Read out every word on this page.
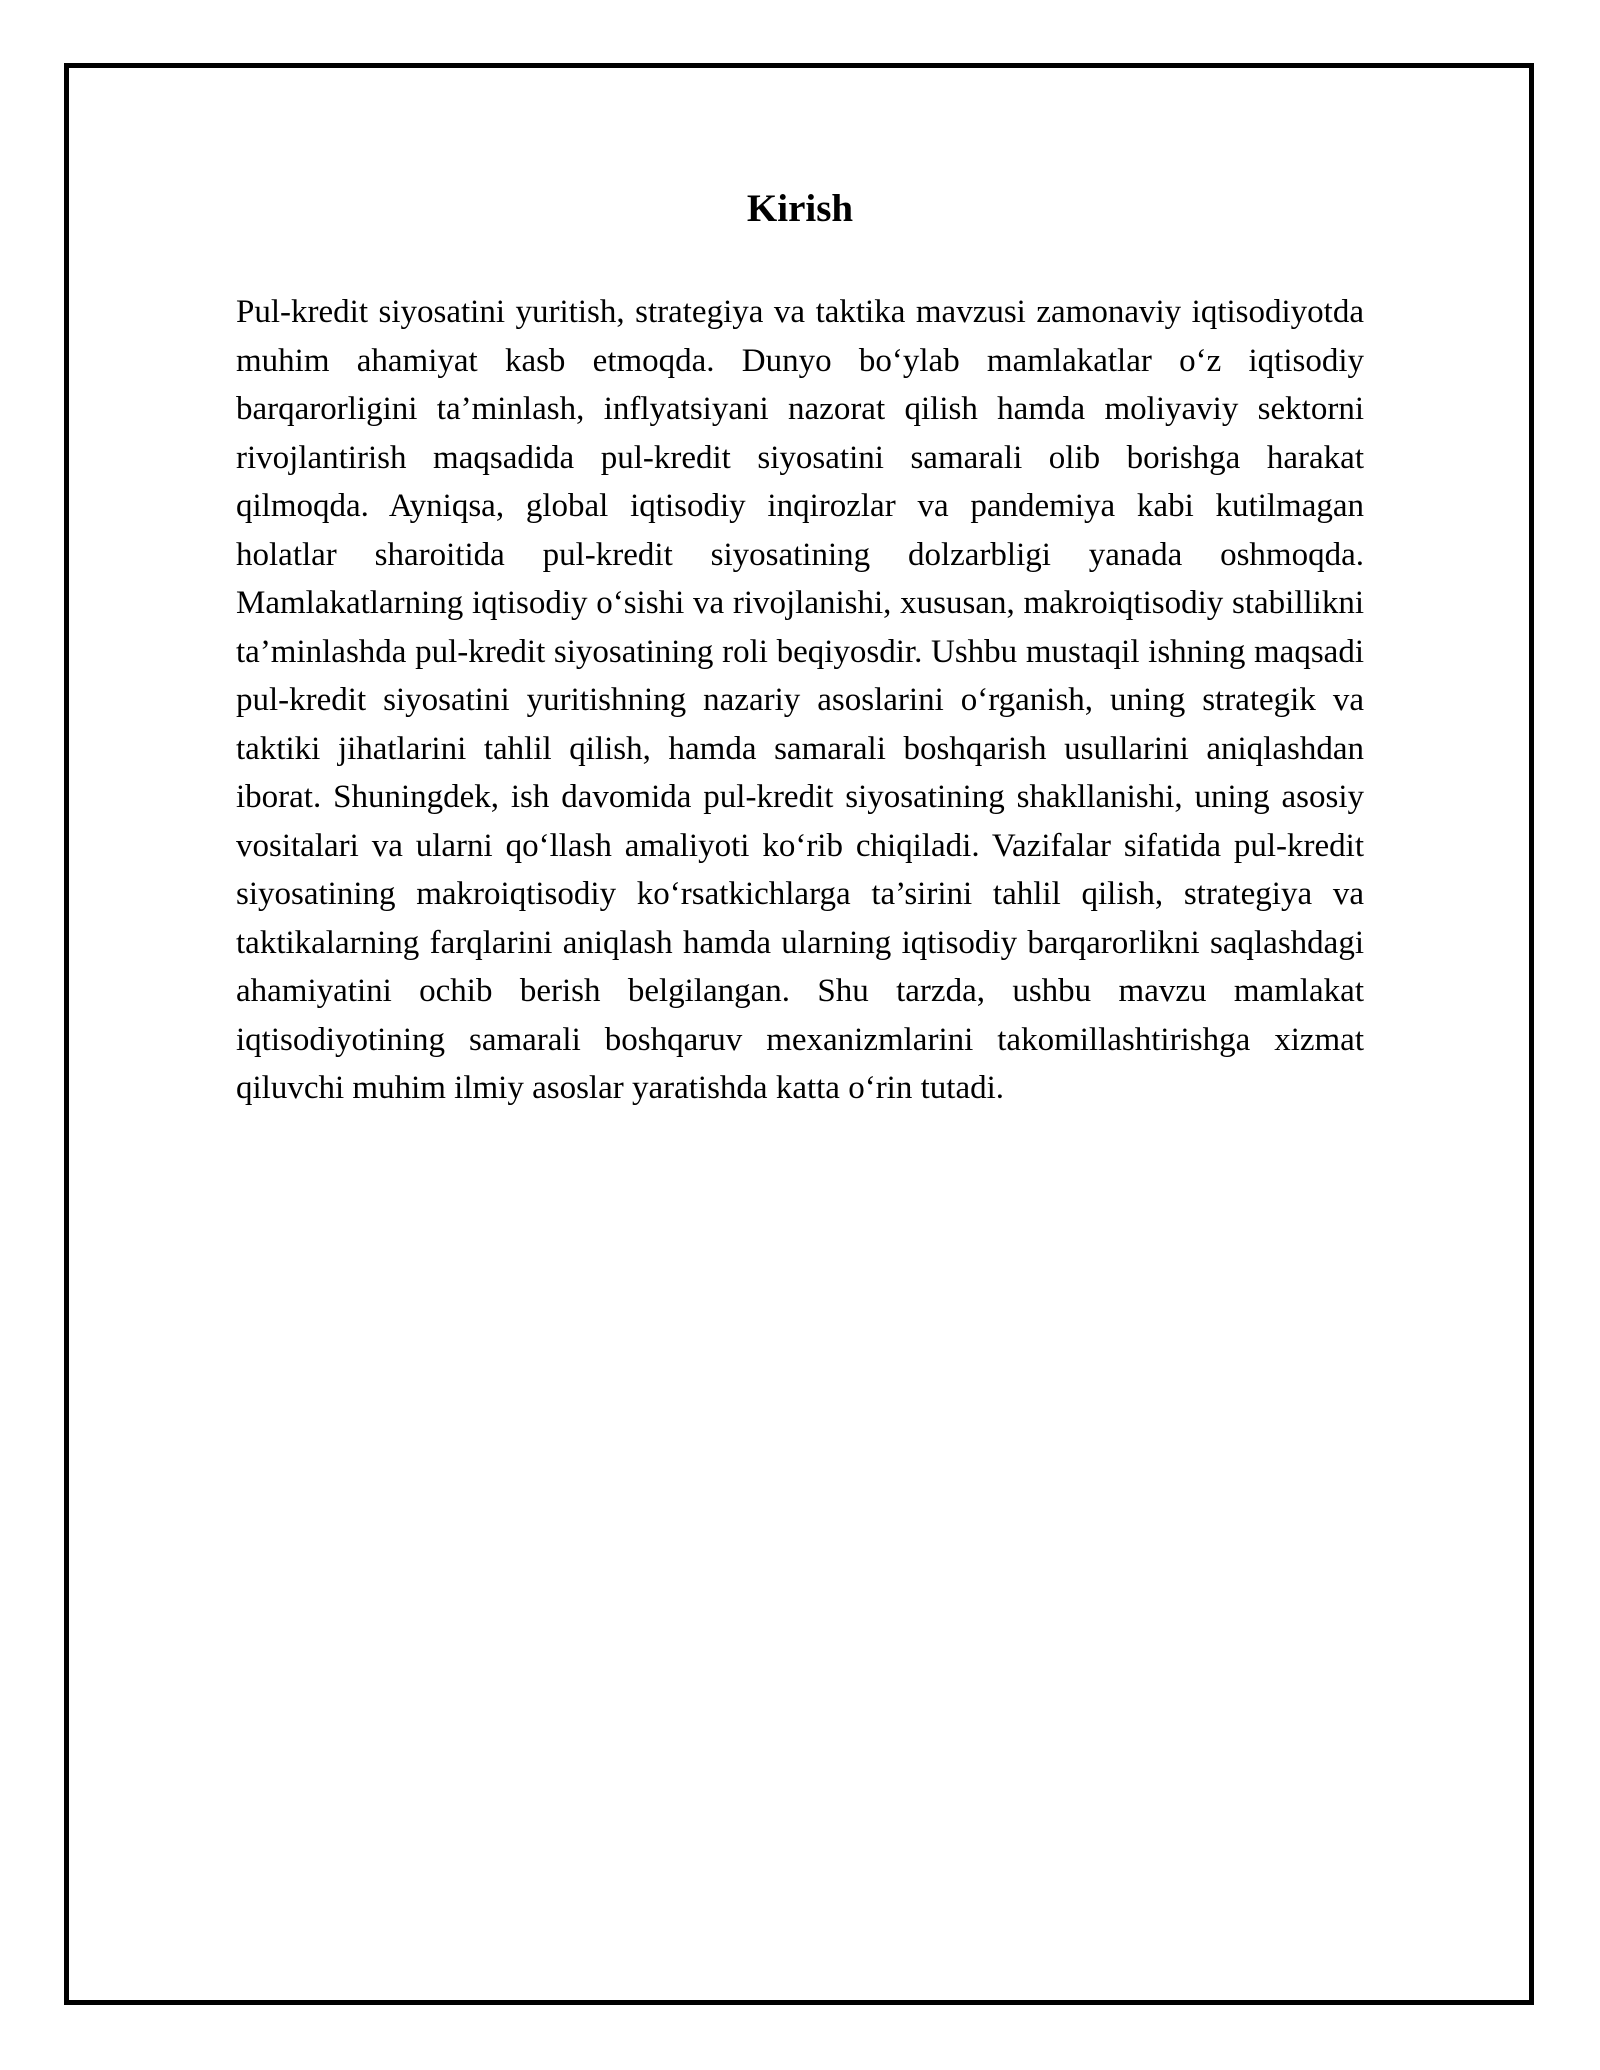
Kirish

Pul-kredit siyosatini yuritish, strategiya va taktika mavzusi zamonaviy iqtisodiyotda muhim ahamiyat kasb etmoqda. Dunyo bo‘ylab mamlakatlar o‘z iqtisodiy barqarorligini ta’minlash, inflyatsiyani nazorat qilish hamda moliyaviy sektorni rivojlantirish maqsadida pul-kredit siyosatini samarali olib borishga harakat qilmoqda. Ayniqsa, global iqtisodiy inqirozlar va pandemiya kabi kutilmagan holatlar sharoitida pul-kredit siyosatining dolzarbligi yanada oshmoqda. Mamlakatlarning iqtisodiy o‘sishi va rivojlanishi, xususan, makroiqtisodiy stabillikni ta’minlashda pul-kredit siyosatining roli beqiyosdir. Ushbu mustaqil ishning maqsadi pul-kredit siyosatini yuritishning nazariy asoslarini o‘rganish, uning strategik va taktiki jihatlarini tahlil qilish, hamda samarali boshqarish usullarini aniqlashdan iborat. Shuningdek, ish davomida pul-kredit siyosatining shakllanishi, uning asosiy vositalari va ularni qo‘llash amaliyoti ko‘rib chiqiladi. Vazifalar sifatida pul-kredit siyosatining makroiqtisodiy ko‘rsatkichlarga ta’sirini tahlil qilish, strategiya va taktikalarning farqlarini aniqlash hamda ularning iqtisodiy barqarorlikni saqlashdagi ahamiyatini ochib berish belgilangan. Shu tarzda, ushbu mavzu mamlakat iqtisodiyotining samarali boshqaruv mexanizmlarini takomillashtirishga xizmat qiluvchi muhim ilmiy asoslar yaratishda katta o‘rin tutadi.
